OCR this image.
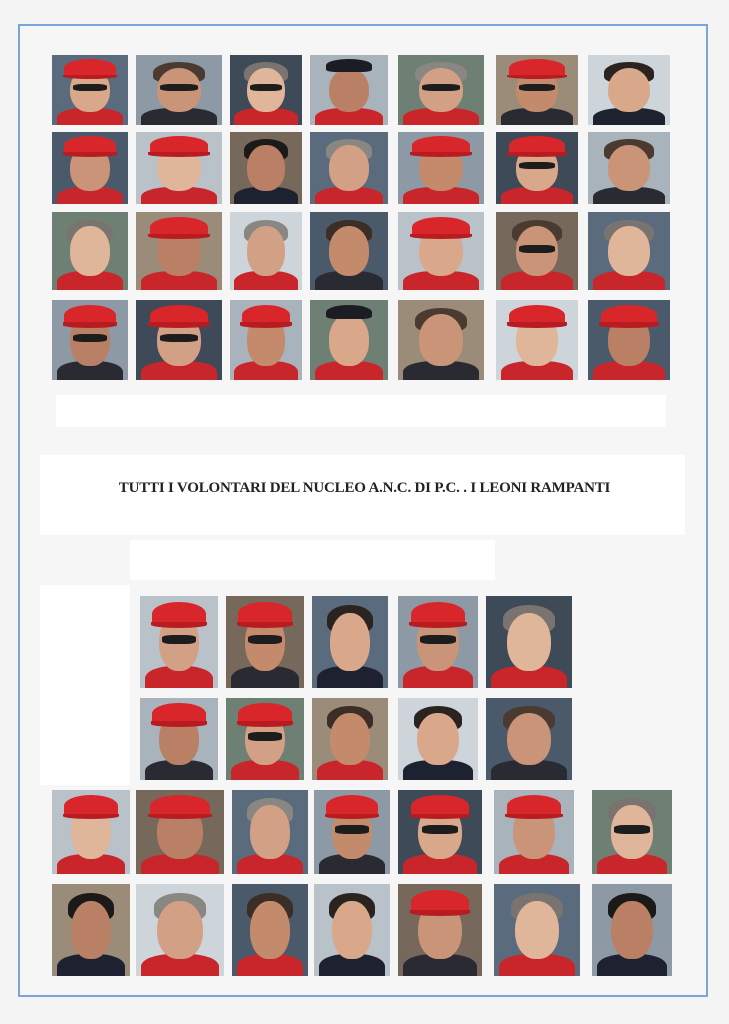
TUTTI I VOLONTARI DEL NUCLEO A.N.C. DI P.C. . I LEONI RAMPANTI
